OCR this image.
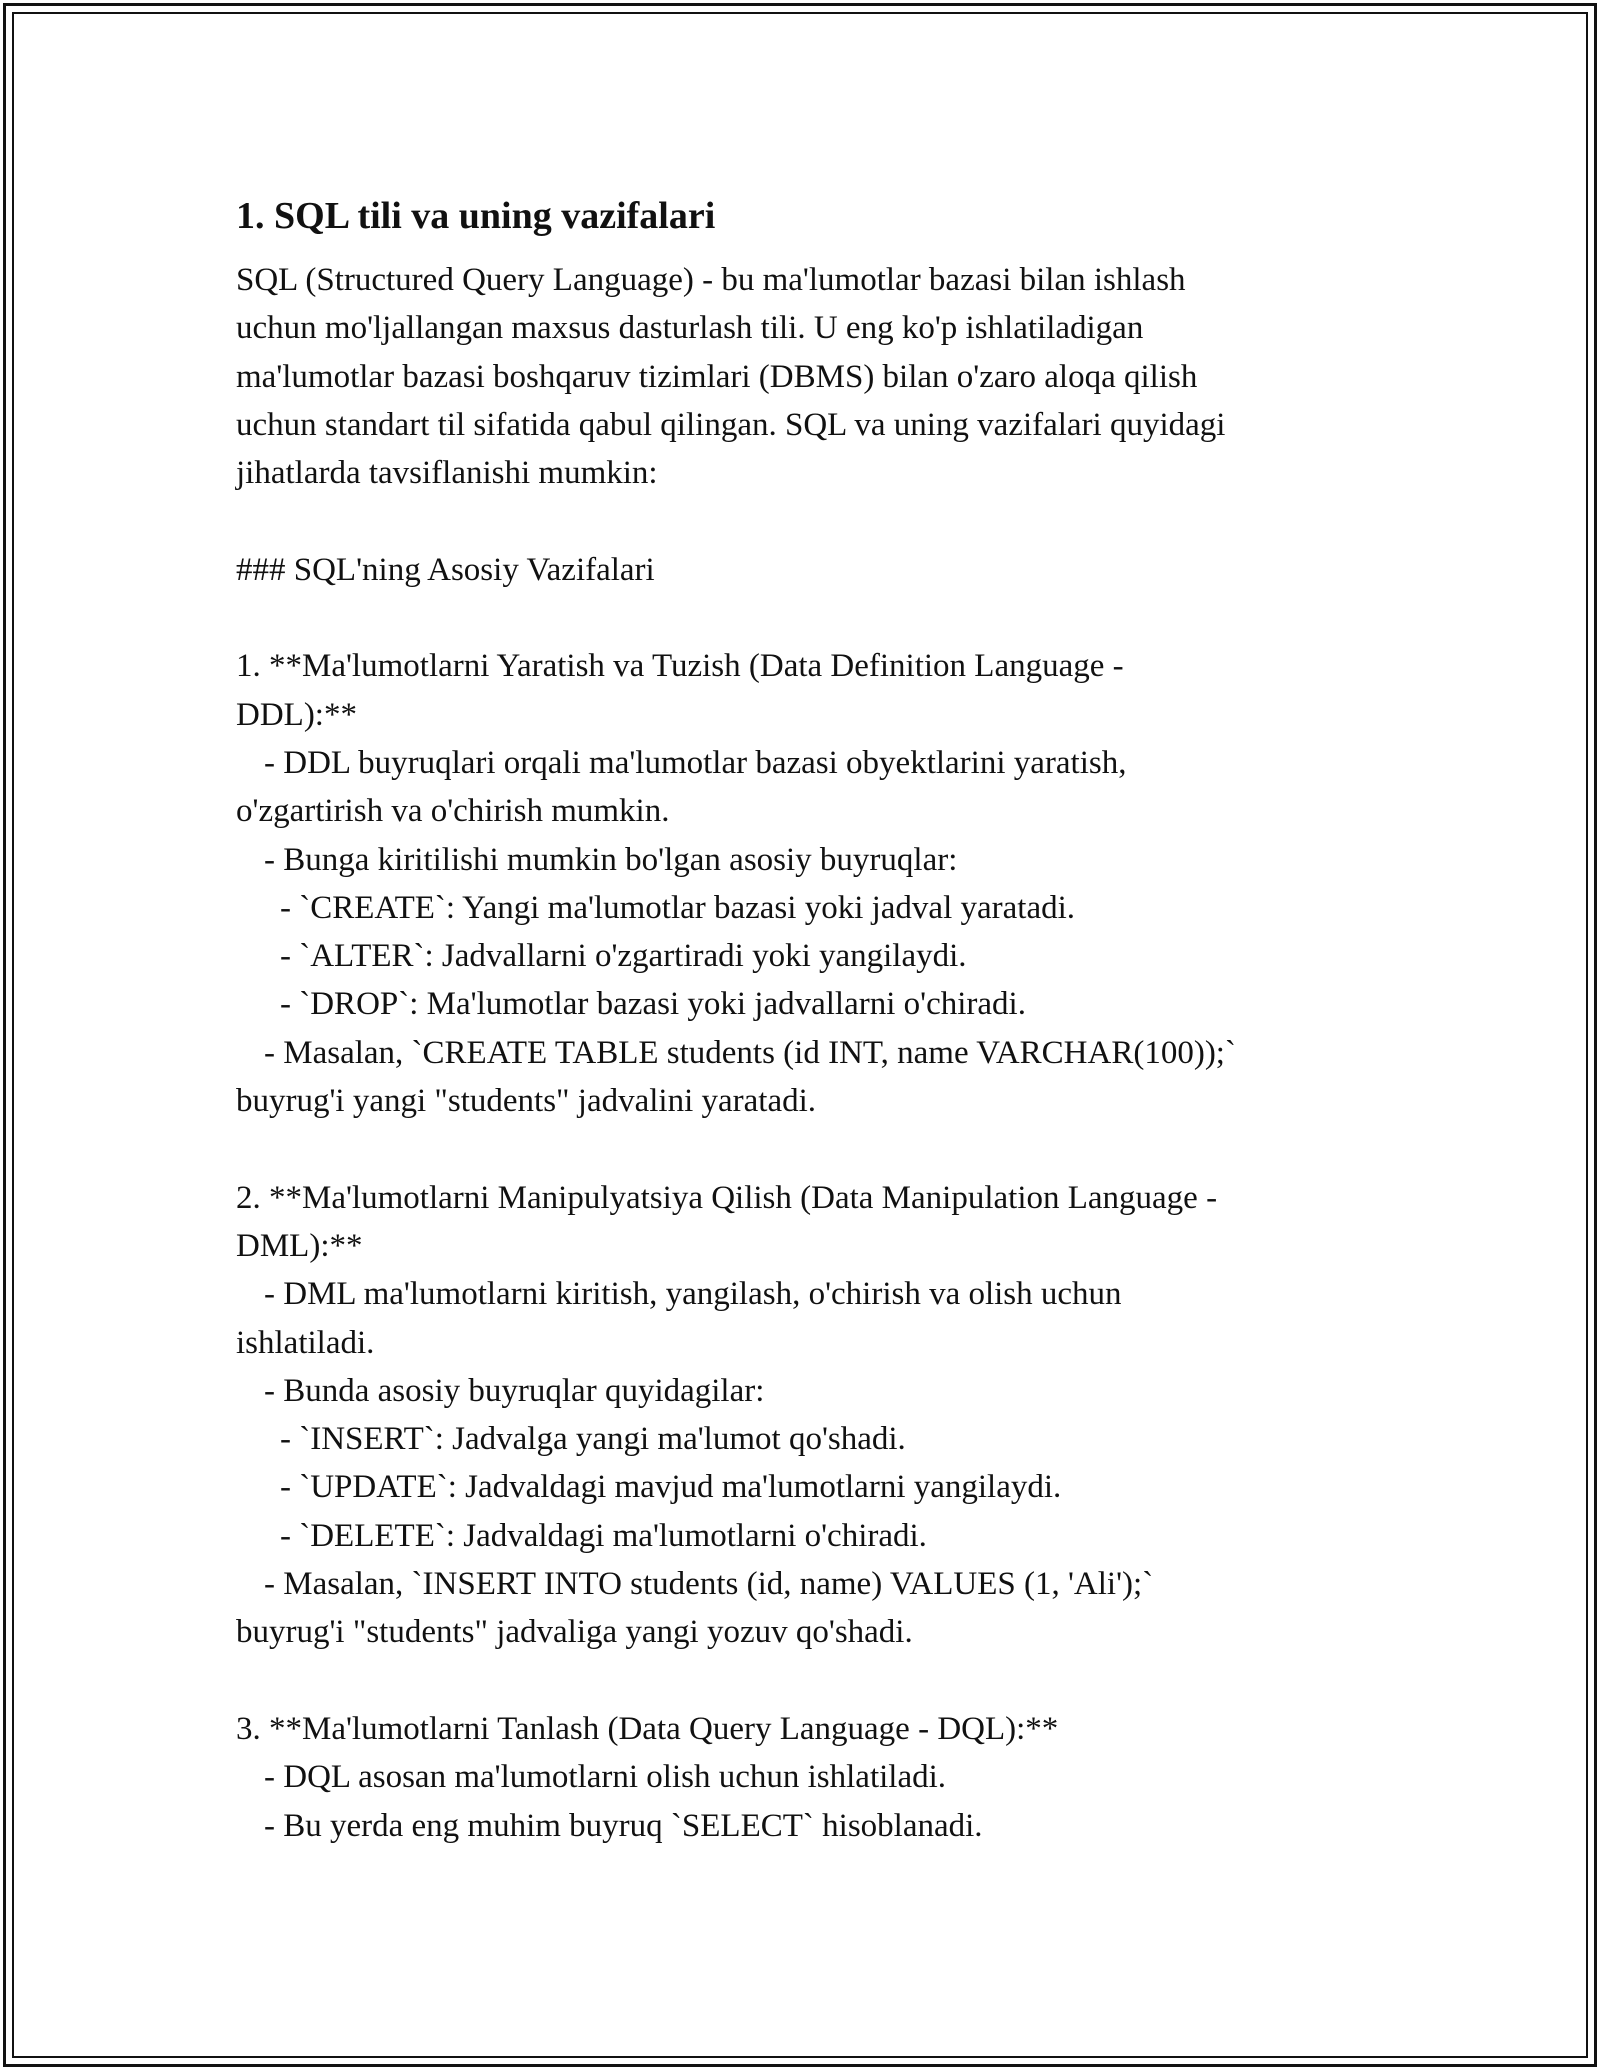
1. SQL tili va uning vazifalari
SQL (Structured Query Language) - bu ma'lumotlar bazasi bilan ishlash
uchun mo'ljallangan maxsus dasturlash tili. U eng ko'p ishlatiladigan
ma'lumotlar bazasi boshqaruv tizimlari (DBMS) bilan o'zaro aloqa qilish
uchun standart til sifatida qabul qilingan. SQL va uning vazifalari quyidagi
jihatlarda tavsiflanishi mumkin:
### SQL'ning Asosiy Vazifalari
1. **Ma'lumotlarni Yaratish va Tuzish (Data Definition Language -
DDL):**
- DDL buyruqlari orqali ma'lumotlar bazasi obyektlarini yaratish,
o'zgartirish va o'chirish mumkin.
- Bunga kiritilishi mumkin bo'lgan asosiy buyruqlar:
- `CREATE`: Yangi ma'lumotlar bazasi yoki jadval yaratadi.
- `ALTER`: Jadvallarni o'zgartiradi yoki yangilaydi.
- `DROP`: Ma'lumotlar bazasi yoki jadvallarni o'chiradi.
- Masalan, `CREATE TABLE students (id INT, name VARCHAR(100));`
buyrug'i yangi "students" jadvalini yaratadi.
2. **Ma'lumotlarni Manipulyatsiya Qilish (Data Manipulation Language -
DML):**
- DML ma'lumotlarni kiritish, yangilash, o'chirish va olish uchun
ishlatiladi.
- Bunda asosiy buyruqlar quyidagilar:
- `INSERT`: Jadvalga yangi ma'lumot qo'shadi.
- `UPDATE`: Jadvaldagi mavjud ma'lumotlarni yangilaydi.
- `DELETE`: Jadvaldagi ma'lumotlarni o'chiradi.
- Masalan, `INSERT INTO students (id, name) VALUES (1, 'Ali');`
buyrug'i "students" jadvaliga yangi yozuv qo'shadi.
3. **Ma'lumotlarni Tanlash (Data Query Language - DQL):**
- DQL asosan ma'lumotlarni olish uchun ishlatiladi.
- Bu yerda eng muhim buyruq `SELECT` hisoblanadi.
